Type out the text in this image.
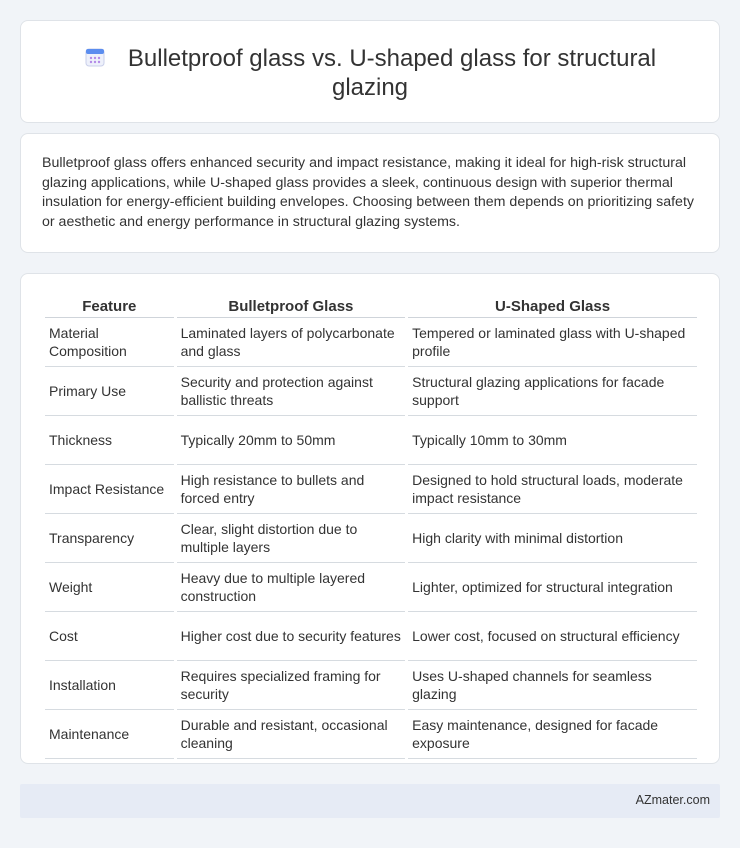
Bulletproof glass vs. U-shaped glass for structural glazing

Bulletproof glass offers enhanced security and impact resistance, making it ideal for high-risk structural glazing applications, while U-shaped glass provides a sleek, continuous design with superior thermal insulation for energy-efficient building envelopes. Choosing between them depends on prioritizing safety or aesthetic and energy performance in structural glazing systems.

Feature	Bulletproof Glass	U-Shaped Glass
Material Composition	Laminated layers of polycarbonate and glass	Tempered or laminated glass with U-shaped profile
Primary Use	Security and protection against ballistic threats	Structural glazing applications for facade support
Thickness	Typically 20mm to 50mm	Typically 10mm to 30mm
Impact Resistance	High resistance to bullets and forced entry	Designed to hold structural loads, moderate impact resistance
Transparency	Clear, slight distortion due to multiple layers	High clarity with minimal distortion
Weight	Heavy due to multiple layered construction	Lighter, optimized for structural integration
Cost	Higher cost due to security features	Lower cost, focused on structural efficiency
Installation	Requires specialized framing for security	Uses U-shaped channels for seamless glazing
Maintenance	Durable and resistant, occasional cleaning	Easy maintenance, designed for facade exposure
AZmater.com
